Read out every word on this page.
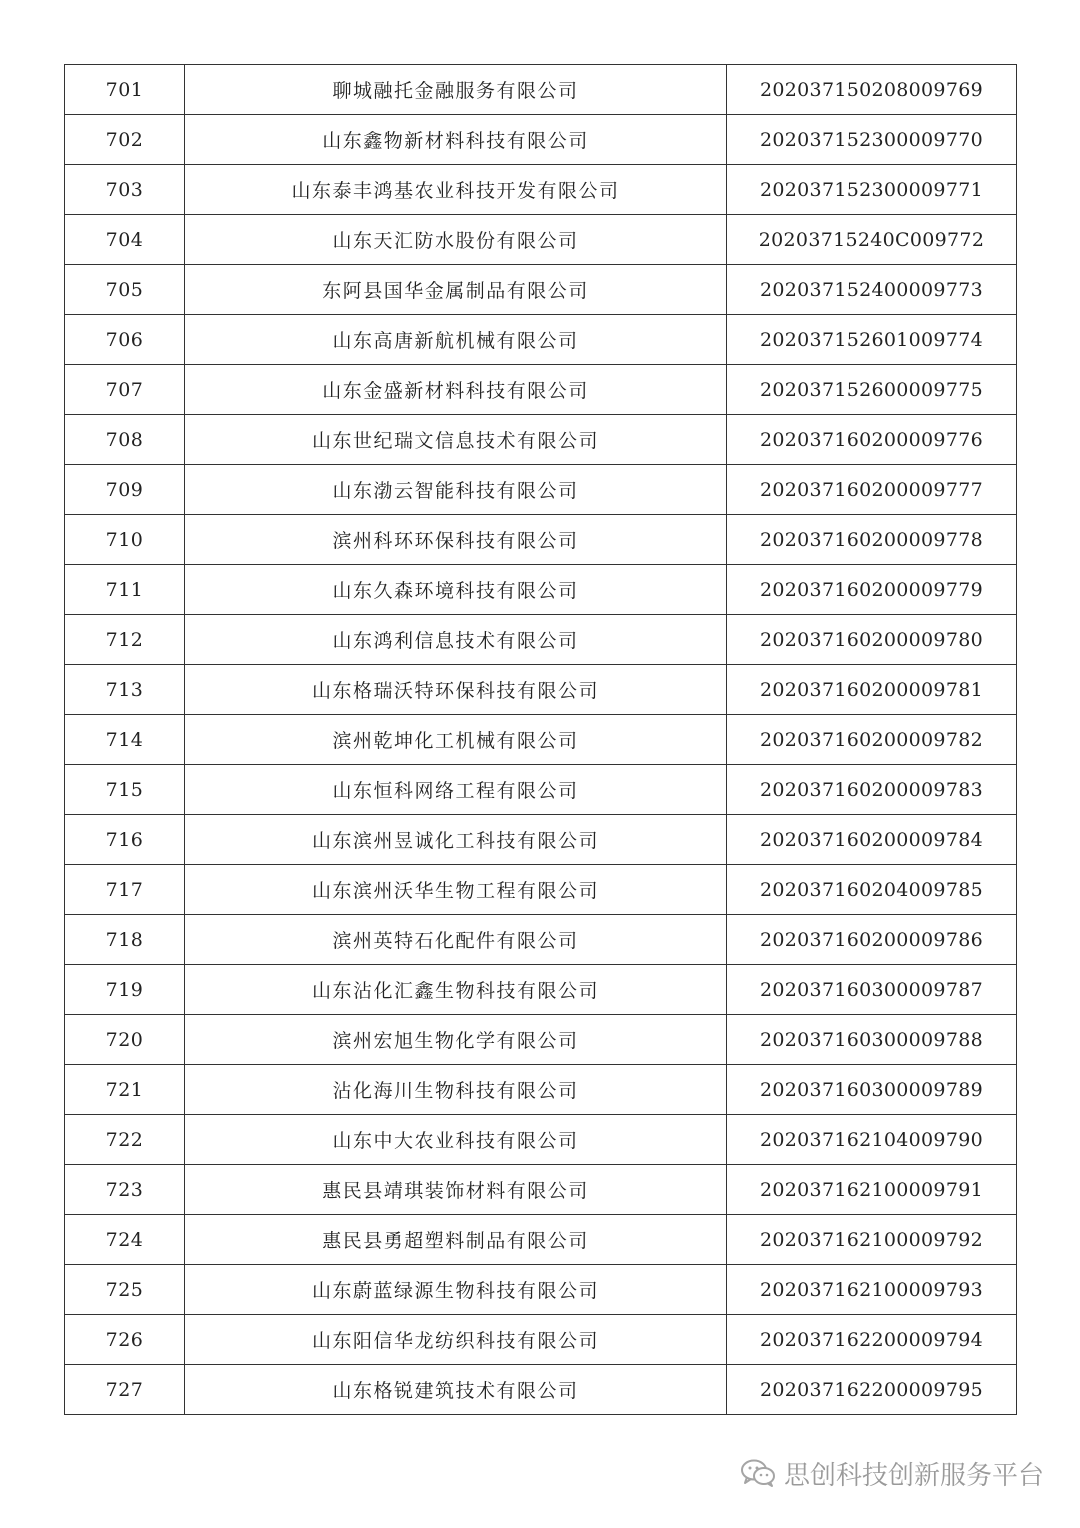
701	聊城融托金融服务有限公司	202037150208009769
702	山东鑫物新材料科技有限公司	202037152300009770
703	山东泰丰鸿基农业科技开发有限公司	202037152300009771
704	山东天汇防水股份有限公司	20203715240C009772
705	东阿县国华金属制品有限公司	202037152400009773
706	山东高唐新航机械有限公司	202037152601009774
707	山东金盛新材料科技有限公司	202037152600009775
708	山东世纪瑞文信息技术有限公司	202037160200009776
709	山东渤云智能科技有限公司	202037160200009777
710	滨州科环环保科技有限公司	202037160200009778
711	山东久森环境科技有限公司	202037160200009779
712	山东鸿利信息技术有限公司	202037160200009780
713	山东格瑞沃特环保科技有限公司	202037160200009781
714	滨州乾坤化工机械有限公司	202037160200009782
715	山东恒科网络工程有限公司	202037160200009783
716	山东滨州昱诚化工科技有限公司	202037160200009784
717	山东滨州沃华生物工程有限公司	202037160204009785
718	滨州英特石化配件有限公司	202037160200009786
719	山东沾化汇鑫生物科技有限公司	202037160300009787
720	滨州宏旭生物化学有限公司	202037160300009788
721	沾化海川生物科技有限公司	202037160300009789
722	山东中大农业科技有限公司	202037162104009790
723	惠民县靖琪装饰材料有限公司	202037162100009791
724	惠民县勇超塑料制品有限公司	202037162100009792
725	山东蔚蓝绿源生物科技有限公司	202037162100009793
726	山东阳信华龙纺织科技有限公司	202037162200009794
727	山东格锐建筑技术有限公司	202037162200009795
思创科技创新服务平台
